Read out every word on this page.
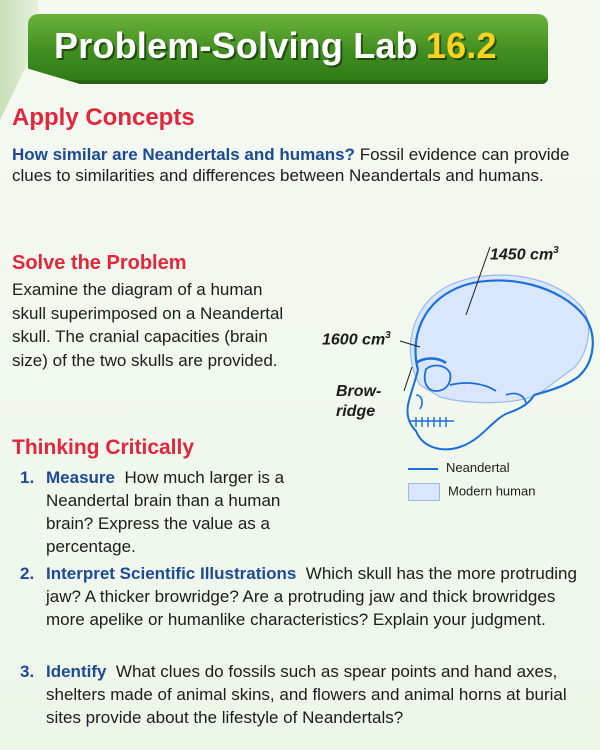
Problem-Solving Lab 16.2
Apply Concepts
How similar are Neandertals and humans? Fossil evidence can provide clues to similarities and differences between Neandertals and humans.
Solve the Problem
Examine the diagram of a human skull superimposed on a Neandertal skull. The cranial capacities (brain size) of the two skulls are provided.
1450 $cm^3$
1600 $cm^3$
Brow-
ridge
Neandertal
Modern human
Thinking Critically
1. Measure How much larger is a Neandertal brain than a human brain? Express the value as a percentage.
2. Interpret Scientific Illustrations Which skull has the more protruding jaw? A thicker browridge? Are a protruding jaw and thick browridges more apelike or humanlike characteristics? Explain your judgment.
3. Identify What clues do fossils such as spear points and hand axes, shelters made of animal skins, and flowers and animal horns at burial sites provide about the lifestyle of Neandertals?
